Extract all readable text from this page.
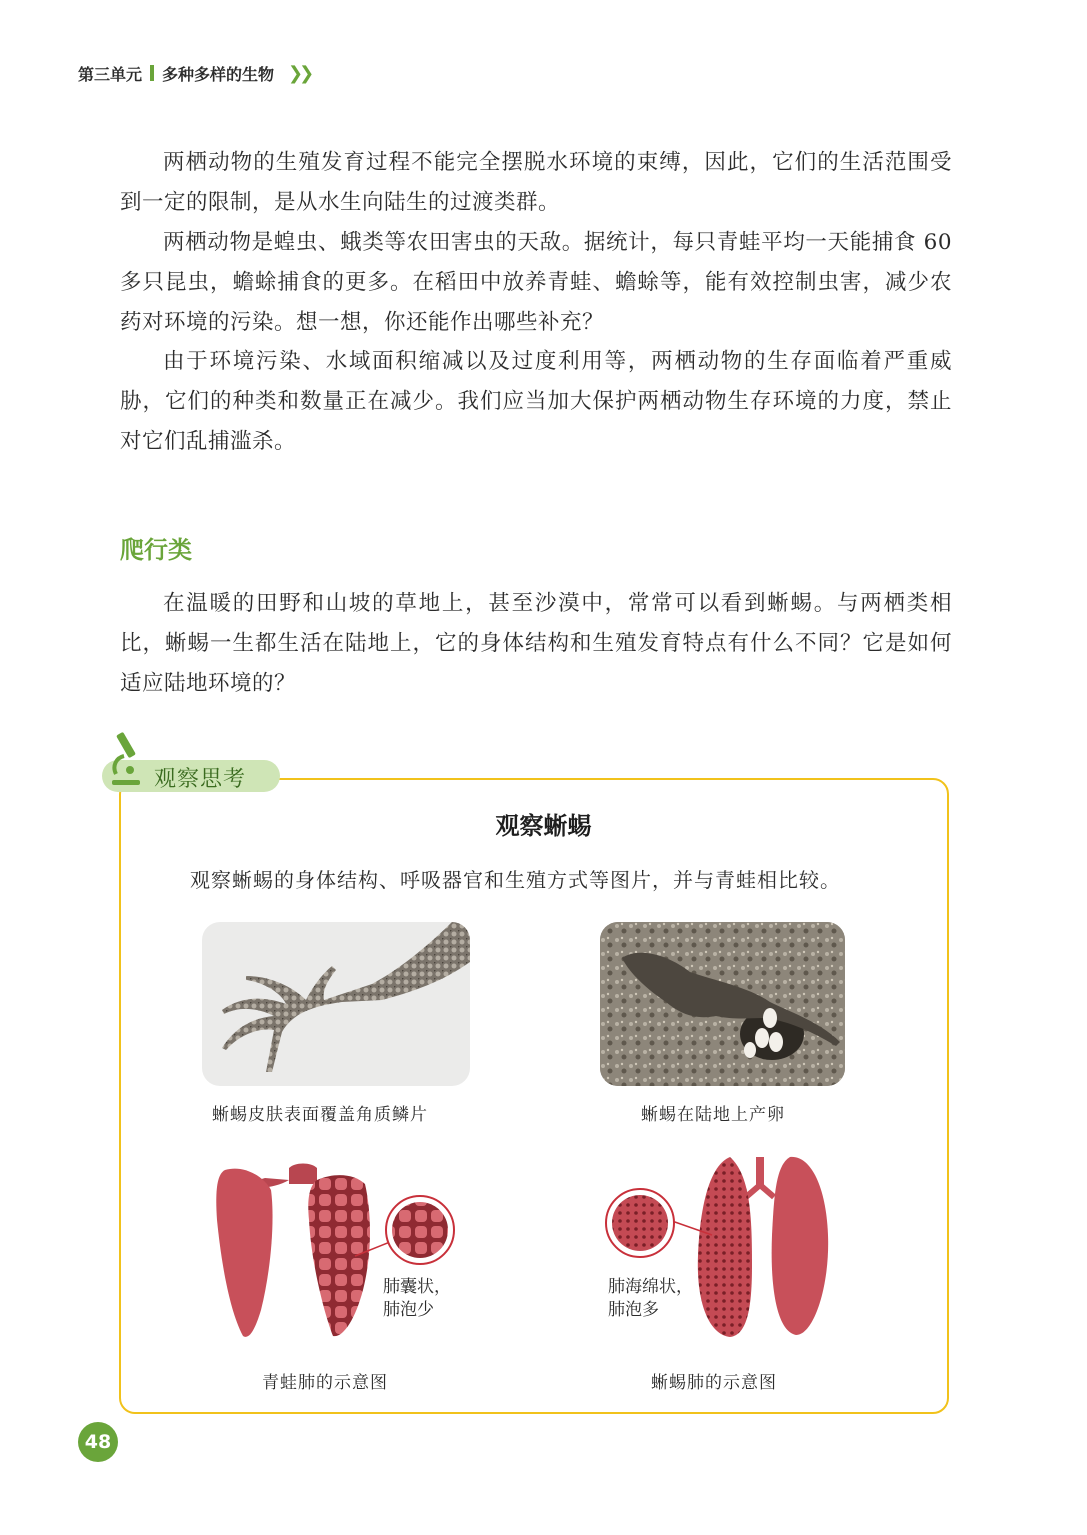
第三单元 多种多样的生物 ❯❯

两栖动物的生殖发育过程不能完全摆脱水环境的束缚，因此，它们的生活范围受到一定的限制，是从水生向陆生的过渡类群。

两栖动物是蝗虫、蛾类等农田害虫的天敌。据统计，每只青蛙平均一天能捕食 60 多只昆虫，蟾蜍捕食的更多。在稻田中放养青蛙、蟾蜍等，能有效控制虫害，减少农药对环境的污染。想一想，你还能作出哪些补充？

由于环境污染、水域面积缩减以及过度利用等，两栖动物的生存面临着严重威胁，它们的种类和数量正在减少。我们应当加大保护两栖动物生存环境的力度，禁止对它们乱捕滥杀。

爬行类

在温暖的田野和山坡的草地上，甚至沙漠中，常常可以看到蜥蜴。与两栖类相比，蜥蜴一生都生活在陆地上，它的身体结构和生殖发育特点有什么不同？它是如何适应陆地环境的？

观察思考
观察蜥蜴
观察蜥蜴的身体结构、呼吸器官和生殖方式等图片，并与青蛙相比较。
蜥蜴皮肤表面覆盖角质鳞片	蜥蜴在陆地上产卵
肺囊状，
肺泡少
青蛙肺的示意图
肺海绵状，
肺泡多
蜥蜴肺的示意图
48
